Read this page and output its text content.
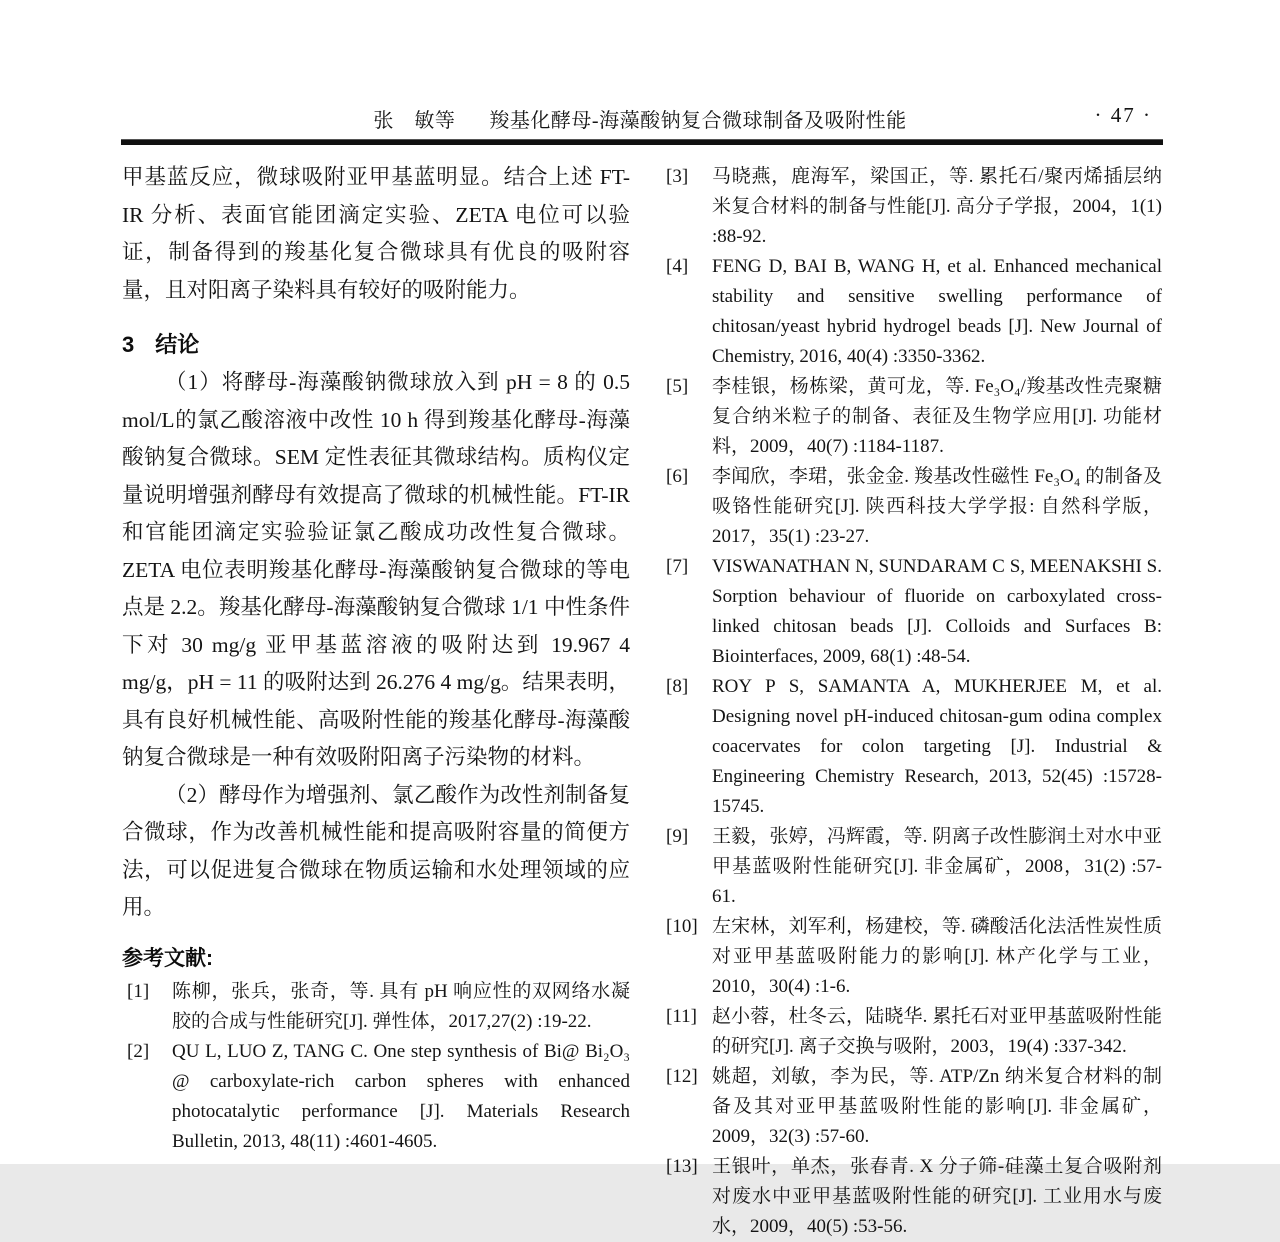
张　敏等 羧基化酵母-海藻酸钠复合微球制备及吸附性能	· 47 ·

甲基蓝反应，微球吸附亚甲基蓝明显。结合上述 FT-IR 分析、表面官能团滴定实验、ZETA 电位可以验证，制备得到的羧基化复合微球具有优良的吸附容量，且对阳离子染料具有较好的吸附能力。

3 结论

（1）将酵母-海藻酸钠微球放入到 pH = 8 的 0.5 mol/L的氯乙酸溶液中改性 10 h 得到羧基化酵母-海藻酸钠复合微球。SEM 定性表征其微球结构。质构仪定量说明增强剂酵母有效提高了微球的机械性能。FT-IR 和官能团滴定实验验证氯乙酸成功改性复合微球。ZETA 电位表明羧基化酵母-海藻酸钠复合微球的等电点是 2.2。羧基化酵母-海藻酸钠复合微球 1/1 中性条件下对 30 mg/g 亚甲基蓝溶液的吸附达到 19.967 4 mg/g，pH = 11 的吸附达到 26.276 4 mg/g。结果表明，具有良好机械性能、高吸附性能的羧基化酵母-海藻酸钠复合微球是一种有效吸附阳离子污染物的材料。

（2）酵母作为增强剂、氯乙酸作为改性剂制备复合微球，作为改善机械性能和提高吸附容量的简便方法，可以促进复合微球在物质运输和水处理领域的应用。

参考文献:
[1]	陈柳，张兵，张奇，等. 具有 pH 响应性的双网络水凝胶的合成与性能研究[J]. 弹性体，2017,27(2) :19-22.
[2]	QU L, LUO Z, TANG C. One step synthesis of Bi@ Bi₂O₃ @ carboxylate-rich carbon spheres with enhanced photocatalytic performance [J]. Materials Research Bulletin, 2013, 48(11) :4601-4605.
[3]	马晓燕，鹿海军，梁国正，等. 累托石/聚丙烯插层纳米复合材料的制备与性能[J]. 高分子学报，2004，1(1) :88-92.
[4]	FENG D, BAI B, WANG H, et al. Enhanced mechanical stability and sensitive swelling performance of chitosan/yeast hybrid hydrogel beads [J]. New Journal of Chemistry, 2016, 40(4) :3350-3362.
[5]	李桂银，杨栋梁，黄可龙，等. Fe₃O₄/羧基改性壳聚糖复合纳米粒子的制备、表征及生物学应用[J]. 功能材料，2009，40(7) :1184-1187.
[6]	李闻欣，李珺，张金金. 羧基改性磁性 Fe₃O₄ 的制备及吸铬性能研究[J]. 陕西科技大学学报: 自然科学版，2017，35(1) :23-27.
[7]	VISWANATHAN N, SUNDARAM C S, MEENAKSHI S. Sorption behaviour of fluoride on carboxylated cross-linked chitosan beads [J]. Colloids and Surfaces B: Biointerfaces, 2009, 68(1) :48-54.
[8]	ROY P S, SAMANTA A, MUKHERJEE M, et al. Designing novel pH-induced chitosan-gum odina complex coacervates for colon targeting [J]. Industrial & Engineering Chemistry Research, 2013, 52(45) :15728-15745.
[9]	王毅，张婷，冯辉霞，等. 阴离子改性膨润土对水中亚甲基蓝吸附性能研究[J]. 非金属矿，2008，31(2) :57-61.
[10] 左宋林，刘军利，杨建校，等. 磷酸活化法活性炭性质对亚甲基蓝吸附能力的影响[J]. 林产化学与工业，2010，30(4) :1-6.
[11] 赵小蓉，杜冬云，陆晓华. 累托石对亚甲基蓝吸附性能的研究[J]. 离子交换与吸附，2003，19(4) :337-342.
[12] 姚超，刘敏，李为民，等. ATP/Zn 纳米复合材料的制备及其对亚甲基蓝吸附性能的影响[J]. 非金属矿，2009，32(3) :57-60.
[13] 王银叶，单杰，张春青. X 分子筛-硅藻土复合吸附剂对废水中亚甲基蓝吸附性能的研究[J]. 工业用水与废水，2009，40(5) :53-56.
